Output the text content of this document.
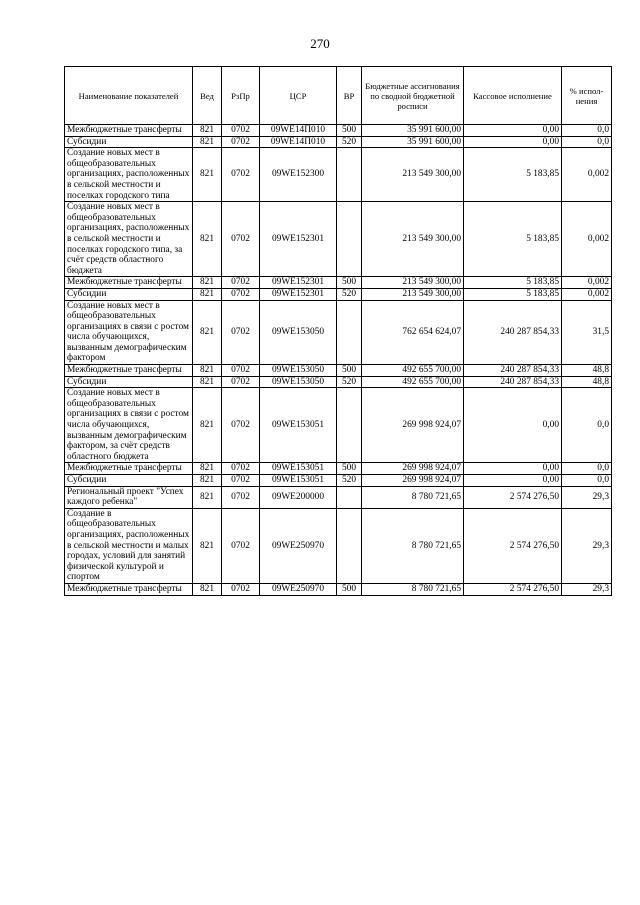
270
Наименование показателей	Вед	РзПр	ЦСР	ВР	Бюджетные ассигнования по сводной бюджетной росписи	Кассовое исполнение	% испол-нения
Межбюджетные трансферты	821	0702	09WE14П010	500	35 991 600,00	0,00	0,0
Субсидии	821	0702	09WE14П010	520	35 991 600,00	0,00	0,0
Создание новых мест в общеобразовательных организациях, расположенных в сельской местности и поселках городского типа	821	0702	09WE152300		213 549 300,00	5 183,85	0,002
Создание новых мест в общеобразовательных организациях, расположенных в сельской местности и поселках городского типа, за счёт средств областного бюджета	821	0702	09WE152301		213 549 300,00	5 183,85	0,002
Межбюджетные трансферты	821	0702	09WE152301	500	213 549 300,00	5 183,85	0,002
Субсидии	821	0702	09WE152301	520	213 549 300,00	5 183,85	0,002
Создание новых мест в общеобразовательных организациях в связи с ростом числа обучающихся, вызванным демографическим фактором	821	0702	09WE153050		762 654 624,07	240 287 854,33	31,5
Межбюджетные трансферты	821	0702	09WE153050	500	492 655 700,00	240 287 854,33	48,8
Субсидии	821	0702	09WE153050	520	492 655 700,00	240 287 854,33	48,8
Создание новых мест в общеобразовательных организациях в связи с ростом числа обучающихся, вызванным демографическим фактором, за счёт средств областного бюджета	821	0702	09WE153051		269 998 924,07	0,00	0,0
Межбюджетные трансферты	821	0702	09WE153051	500	269 998 924,07	0,00	0,0
Субсидии	821	0702	09WE153051	520	269 998 924,07	0,00	0,0
Региональный проект "Успех каждого ребенка"	821	0702	09WE200000		8 780 721,65	2 574 276,50	29,3
Создание в общеобразовательных организациях, расположенных в сельской местности и малых городах, условий для занятий физической культурой и спортом	821	0702	09WE250970		8 780 721,65	2 574 276,50	29,3
Межбюджетные трансферты	821	0702	09WE250970	500	8 780 721,65	2 574 276,50	29,3
